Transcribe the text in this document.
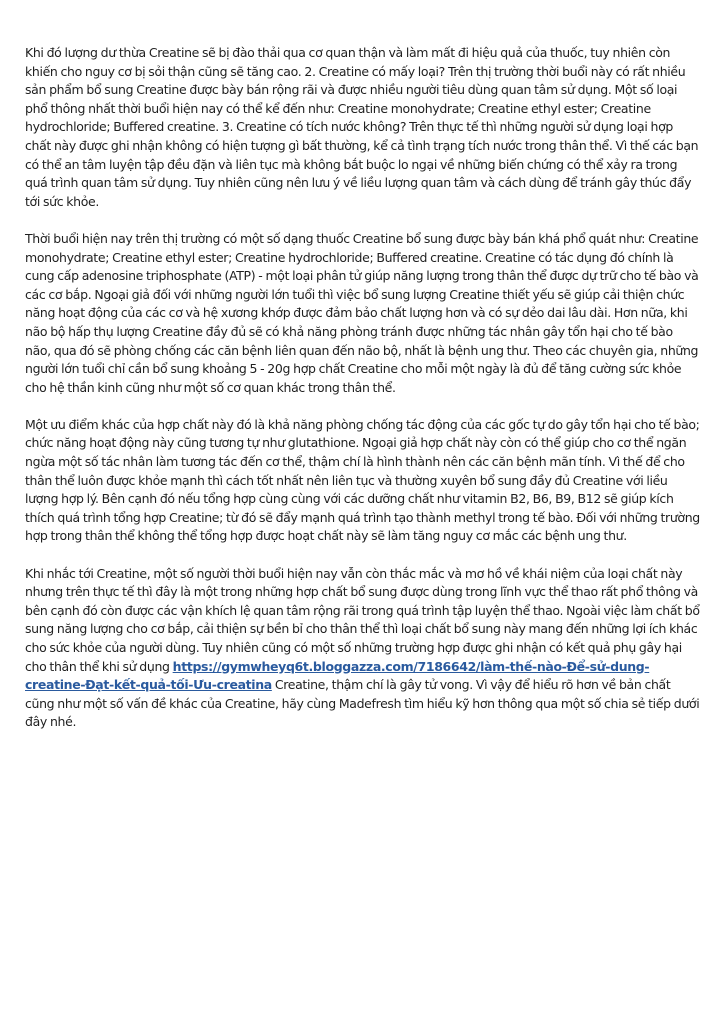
Khi đó lượng dư thừa Creatine sẽ bị đào thải qua cơ quan thận và làm mất đi hiệu quả của thuốc, tuy nhiên còn khiến cho nguy cơ bị sỏi thận cũng sẽ tăng cao. 2. Creatine có mấy loại? Trên thị trường thời buổi này có rất nhiều sản phẩm bổ sung Creatine được bày bán rộng rãi và được nhiều người tiêu dùng quan tâm sử dụng. Một số loại phổ thông nhất thời buổi hiện nay có thể kể đến như: Creatine monohydrate; Creatine ethyl ester; Creatine hydrochloride; Buffered creatine. 3. Creatine có tích nước không? Trên thực tế thì những người sử dụng loại hợp chất này được ghi nhận không có hiện tượng gì bất thường, kể cả tình trạng tích nước trong thân thể. Vì thế các bạn có thể an tâm luyện tập đều đặn và liên tục mà không bắt buộc lo ngại về những biến chứng có thể xảy ra trong quá trình quan tâm sử dụng. Tuy nhiên cũng nên lưu ý về liều lượng quan tâm và cách dùng để tránh gây thúc đẩy tới sức khỏe.

Thời buổi hiện nay trên thị trường có một số dạng thuốc Creatine bổ sung được bày bán khá phổ quát như: Creatine monohydrate; Creatine ethyl ester; Creatine hydrochloride; Buffered creatine. Creatine có tác dụng đó chính là cung cấp adenosine triphosphate (ATP) - một loại phân tử giúp năng lượng trong thân thể được dự trữ cho tế bào và các cơ bắp. Ngoại giả đối với những người lớn tuổi thì việc bổ sung lượng Creatine thiết yếu sẽ giúp cải thiện chức năng hoạt động của các cơ và hệ xương khớp được đảm bảo chất lượng hơn và có sự dẻo dai lâu dài. Hơn nữa, khi não bộ hấp thụ lượng Creatine đầy đủ sẽ có khả năng phòng tránh được những tác nhân gây tổn hại cho tế bào não, qua đó sẽ phòng chống các căn bệnh liên quan đến não bộ, nhất là bệnh ung thư. Theo các chuyên gia, những người lớn tuổi chỉ cần bổ sung khoảng 5 - 20g hợp chất Creatine cho mỗi một ngày là đủ để tăng cường sức khỏe cho hệ thần kinh cũng như một số cơ quan khác trong thân thể.

Một ưu điểm khác của hợp chất này đó là khả năng phòng chống tác động của các gốc tự do gây tổn hại cho tế bào; chức năng hoạt động này cũng tương tự như glutathione. Ngoại giả hợp chất này còn có thể giúp cho cơ thể ngăn ngừa một số tác nhân làm tương tác đến cơ thể, thậm chí là hình thành nên các căn bệnh mãn tính. Vì thế để cho thân thể luôn được khỏe mạnh thì cách tốt nhất nên liên tục và thường xuyên bổ sung đầy đủ Creatine với liều lượng hợp lý. Bên cạnh đó nếu tổng hợp cùng cùng với các dưỡng chất như vitamin B2, B6, B9, B12 sẽ giúp kích thích quá trình tổng hợp Creatine; từ đó sẽ đẩy mạnh quá trình tạo thành methyl trong tế bào. Đối với những trường hợp trong thân thể không thể tổng hợp được hoạt chất này sẽ làm tăng nguy cơ mắc các bệnh ung thư.

Khi nhắc tới Creatine, một số người thời buổi hiện nay vẫn còn thắc mắc và mơ hồ về khái niệm của loại chất này nhưng trên thực tế thì đây là một trong những hợp chất bổ sung được dùng trong lĩnh vực thể thao rất phổ thông và bên cạnh đó còn được các vận khích lệ quan tâm rộng rãi trong quá trình tập luyện thể thao. Ngoài việc làm chất bổ sung năng lượng cho cơ bắp, cải thiện sự bền bỉ cho thân thể thì loại chất bổ sung này mang đến những lợi ích khác cho sức khỏe của người dùng. Tuy nhiên cũng có một số những trường hợp được ghi nhận có kết quả phụ gây hại cho thân thể khi sử dụng https://gymwheyq6t.bloggazza.com/7186642/làm-thế-nào-Để-sử-dung-creatine-Đạt-kết-quả-tối-Ưu-creatina Creatine, thậm chí là gây tử vong. Vì vậy để hiểu rõ hơn về bản chất cũng như một số vấn đề khác của Creatine, hãy cùng Madefresh tìm hiểu kỹ hơn thông qua một số chia sẻ tiếp dưới đây nhé.
